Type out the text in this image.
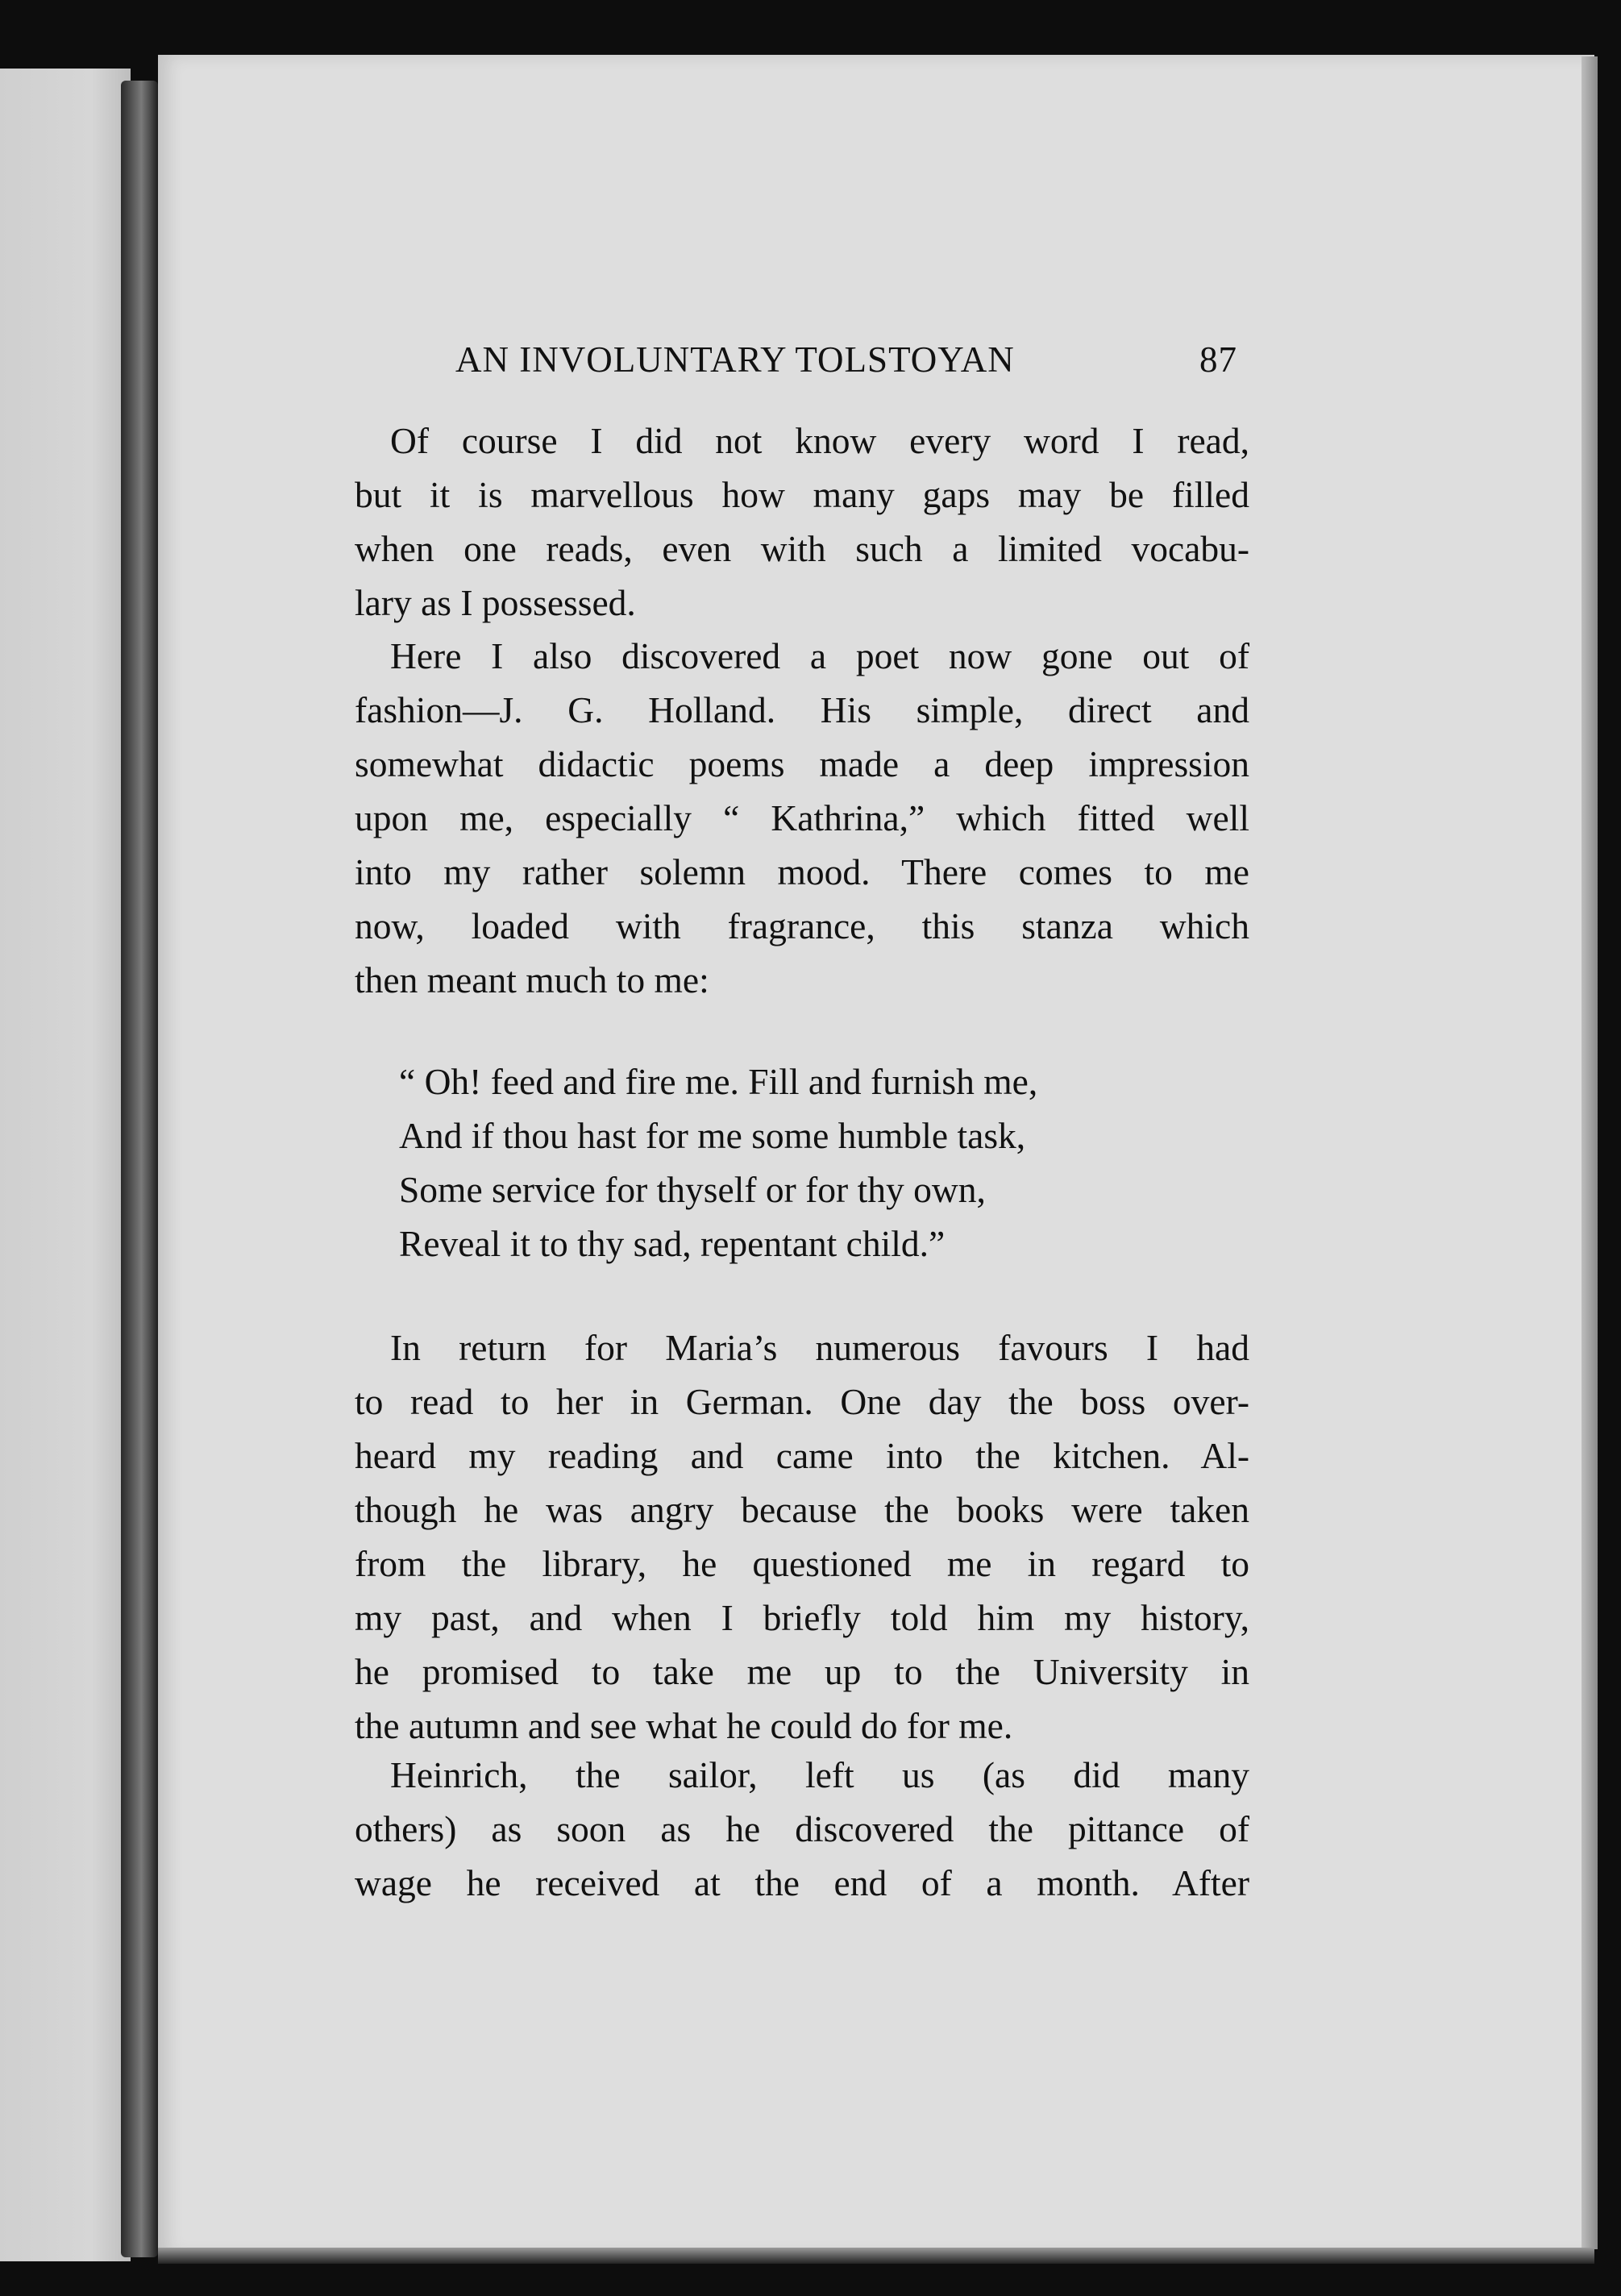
AN INVOLUNTARY TOLSTOYAN	87
Of course I did not know every word I read,
but it is marvellous how many gaps may be filled
when one reads, even with such a limited vocabu-
lary as I possessed.
Here I also discovered a poet now gone out of
fashion—J. G. Holland. His simple, direct and
somewhat didactic poems made a deep impression
upon me, especially “ Kathrina,” which fitted well
into my rather solemn mood. There comes to me
now, loaded with fragrance, this stanza which
then meant much to me:
“ Oh! feed and fire me. Fill and furnish me,
And if thou hast for me some humble task,
Some service for thyself or for thy own,
Reveal it to thy sad, repentant child.”
In return for Maria’s numerous favours I had
to read to her in German. One day the boss over-
heard my reading and came into the kitchen. Al-
though he was angry because the books were taken
from the library, he questioned me in regard to
my past, and when I briefly told him my history,
he promised to take me up to the University in
the autumn and see what he could do for me.
Heinrich, the sailor, left us (as did many
others) as soon as he discovered the pittance of
wage he received at the end of a month. After
